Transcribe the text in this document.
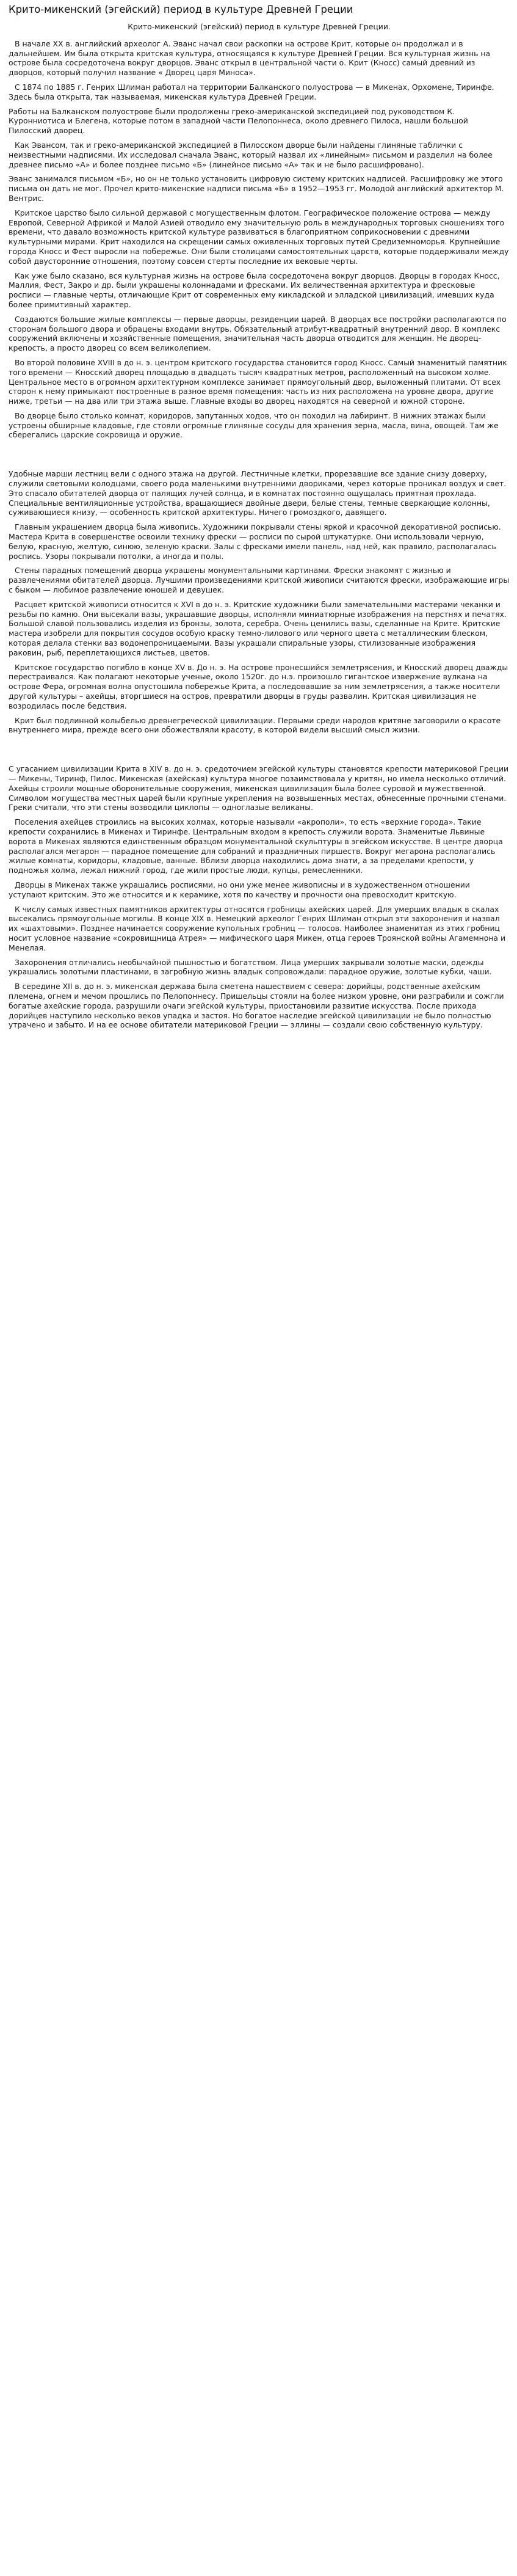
Крито-микенский (эгейский) период в культуре Древней Греции
Крито-микенский (эгейский) период в культуре Древней Греции.

В начале XX в. английский археолог А. Эванс начал свои раскопки на острове Крит, которые он продолжал и в дальнейшем. Им была открыта критская культура, относящаяся к культуре Древней Греции. Вся культурная жизнь на острове была сосредоточена вокруг дворцов. Эванс открыл в центральной части о. Крит (Кносс) самый древний из дворцов, который получил название « Дворец царя Миноса».

С 1874 по 1885 г. Генрих Шлиман работал на территории Балканского полуострова — в Микенах, Орхомене, Тиринфе. Здесь была открыта, так называемая, микенская культура Древней Греции.

Работы на Балканском полуострове были продолжены греко-американской экспедицией под руководством К. Куронниотиса и Блегена, которые потом в западной части Пелопоннеса, около древнего Пилоса, нашли большой Пилосский дворец.

Как Эвансом, так и греко-американской экспедицией в Пилосском дворце были найдены глиняные таблички с неизвестными надписями. Их исследовал сначала Эванс, который назвал их «линейным» письмом и разделил на более древнее письмо «А» и более позднее письмо «Б» (линейное письмо «А» так и не было расшифровано).

Эванс занимался письмом «Б», но он не только установить цифровую систему критских надписей. Расшифровку же этого письма он дать не мог. Прочел крито-микенские надписи письма «Б» в 1952—1953 гг. Молодой английский архитектор М. Вентрис.

Критское царство было сильной державой с могущественным флотом. Географическое положение острова — между Европой, Северной Африкой и Малой Азией отводило ему значительную роль в международных торговых сношениях того времени, что давало возможность критской культуре развиваться в благоприятном соприкосновении с древними культурными мирами. Крит находился на скрещении самых оживленных торговых путей Средиземноморья. Крупнейшие города Кносс и Фест выросли на побережье. Они были столицами самостоятельных царств, которые поддерживали между собой двусторонние отношения, поэтому совсем стерты последние их вековые черты.

Как уже было сказано, вся культурная жизнь на острове была сосредоточена вокруг дворцов. Дворцы в городах Кносс, Маллия, Фест, Закро и др. были украшены колоннадами и фресками. Их величественная архитектура и фресковые росписи — главные черты, отличающие Крит от современных ему кикладской и элладской цивилизаций, имевших куда более примитивный характер.

Создаются большие жилые комплексы — первые дворцы, резиденции царей. В дворцах все постройки располагаются по сторонам большого двора и обрацены входами внутрь. Обязательный атрибут-квадратный внутренний двор. В комплекс сооружений включены и хозяйственные помещения, значительная часть дворца отводится для женщин. Не дворец-крепость, а просто дворец со всем великолепием.

Во второй половине XVIII в до н. э. центром критского государства становится город Кносс. Самый знаменитый памятник того времени — Кносский дворец площадью в двадцать тысяч квадратных метров, расположенный на высоком холме. Центральное место в огромном архитектурном комплексе занимает прямоугольный двор, выложенный плитами. От всех сторон к нему примыкают построенные в разное время помещения: часть из них расположена на уровне двора, другие ниже, третьи — на два или три этажа выше. Главные входы во дворец находятся на северной и южной стороне.

Во дворце было столько комнат, коридоров, запутанных ходов, что он походил на лабиринт. В нижних этажах были устроены обширные кладовые, где стояли огромные глиняные сосуды для хранения зерна, масла, вина, овощей. Там же сберегались царские сокровища и оружие.

Удобные марши лестниц вели с одного этажа на другой. Лестничные клетки, прорезавшие все здание снизу доверху, служили световыми колодцами, своего рода маленькими внутренними двориками, через которые проникал воздух и свет. Это спасало обитателей дворца от палящих лучей солнца, и в комнатах постоянно ощущалась приятная прохлада. Специальные вентиляционные устройства, вращающиеся двойные двери, белые стены, темные сверкающие колонны, суживающиеся книзу, — особенность критской архитектуры. Ничего громоздкого, давящего.

Главным украшением дворца была живопись. Художники покрывали стены яркой и красочной декоративной росписью. Мастера Крита в совершенстве освоили технику фрески — росписи по сырой штукатурке. Они использовали черную, белую, красную, желтую, синюю, зеленую краски. Залы с фресками имели панель, над ней, как правило, располагалась роспись. Узоры покрывали потолки, а иногда и полы.

Стены парадных помещений дворца украшены монументальными картинами. Фрески знакомят с жизнью и развлечениями обитателей дворца. Лучшими произведениями критской живописи считаются фрески, изображающие игры с быком — любимое развлечение юношей и девушек.

Расцвет критской живописи относится к XVI в до н. э. Критские художники были замечательными мастерами чеканки и резьбы по камню. Они высекали вазы, украшавшие дворцы, исполняли миниатюрные изображения на перстнях и печатях. Большой славой пользовались изделия из бронзы, золота, серебра. Очень ценились вазы, сделанные на Крите. Критские мастера изобрели для покрытия сосудов особую краску темно-лилового или черного цвета с металлическим блеском, которая делала стенки ваз водонепроницаемыми. Вазы украшали спиральные узоры, стилизованные изображения раковин, рыб, переплетающихся листьев, цветов.

Критское государство погибло в конце XV в. До н. э. На острове пронесшийся землетрясения, и Кносский дворец дважды перестраивался. Как полагают некоторые ученые, около 1520г. до н.э. произошло гигантское извержение вулкана на острове Фера, огромная волна опустошила побережье Крита, а последовавшие за ним землетрясения, а также носители другой культуры – ахейцы, вторгшиеся на остров, превратили дворцы в груды развалин. Критская цивилизация не возродилась после бедствия.

Крит был подлинной колыбелью древнегреческой цивилизации. Первыми среди народов критяне заговорили о красоте внутреннего мира, прежде всего они обожествляли красоту, в которой видели высший смысл жизни.

С угасанием цивилизации Крита в XIV в. до н. э. средоточием эгейской культуры становятся крепости материковой Греции — Микены, Тиринф, Пилос. Микенская (ахейская) культура многое позаимствовала у критян, но имела несколько отличий. Ахейцы строили мощные оборонительные сооружения, микенская цивилизация была более суровой и мужественной. Символом могущества местных царей были крупные укрепления на возвышенных местах, обнесенные прочными стенами. Греки считали, что эти стены возводили циклопы — одноглазые великаны.

Поселения ахейцев строились на высоких холмах, которые называли «акрополи», то есть «верхние города». Такие крепости сохранились в Микенах и Тиринфе. Центральным входом в крепость служили ворота. Знаменитые Львиные ворота в Микенах являются единственным образцом монументальной скульптуры в эгейском искусстве. В центре дворца располагался мегарон — парадное помещение для собраний и праздничных пиршеств. Вокруг мегарона располагались жилые комнаты, коридоры, кладовые, ванные. Вблизи дворца находились дома знати, а за пределами крепости, у подножья холма, лежал нижний город, где жили простые люди, купцы, ремесленники.

Дворцы в Микенах также украшались росписями, но они уже менее живописны и в художественном отношении уступают критским. Это же относится и к керамике, хотя по качеству и прочности она превосходит критскую.

К числу самых известных памятников архитектуры относятся гробницы ахейских царей. Для умерших владык в скалах высекались прямоугольные могилы. В конце XIX в. Немецкий археолог Генрих Шлиман открыл эти захоронения и назвал их «шахтовыми». Позднее начинается сооружение купольных гробниц — толосов. Наиболее знаменитая из этих гробниц носит условное название «сокровищница Атрея» — мифического царя Микен, отца героев Троянской войны Агамемнона и Менелая.

Захоронения отличались необычайной пышностью и богатством. Лица умерших закрывали золотые маски, одежды украшались золотыми пластинами, в загробную жизнь владык сопровождали: парадное оружие, золотые кубки, чаши.

В середине XII в. до н. э. микенская держава была сметена нашествием с севера: дорийцы, родственные ахейским племена, огнем и мечом прошлись по Пелопоннесу. Пришельцы стояли на более низком уровне, они разграбили и сожгли богатые ахейские города, разрушили очаги эгейской культуры, приостановили развитие искусства. После прихода дорийцев наступило несколько веков упадка и застоя. Но богатое наследие эгейской цивилизации не было полностью утрачено и забыто. И на ее основе обитатели материковой Греции — эллины — создали свою собственную культуру.
